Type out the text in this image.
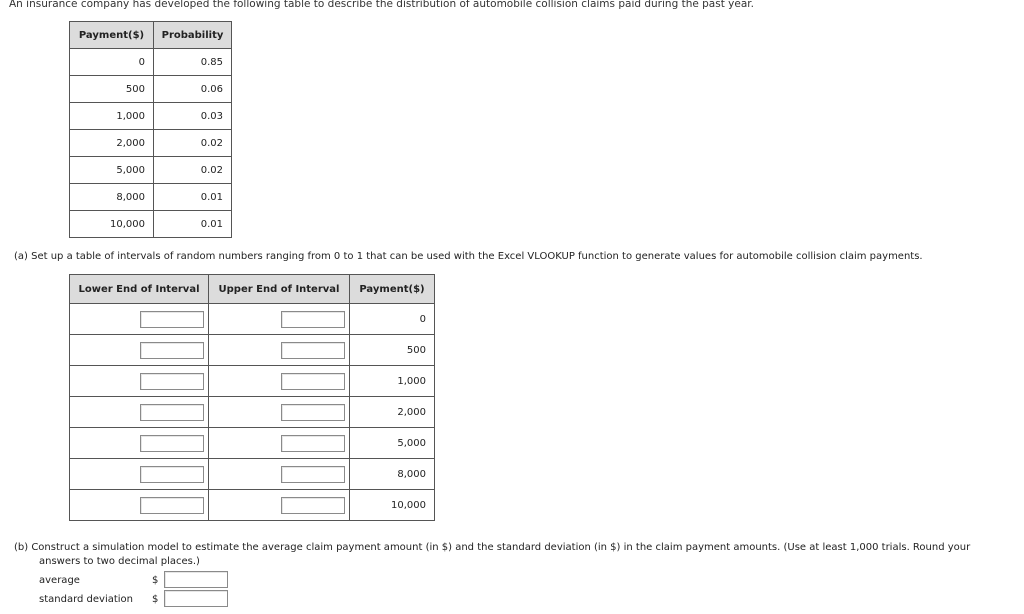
An insurance company has developed the following table to describe the distribution of automobile collision claims paid during the past year.
Payment($)	Probability
0	0.85
500	0.06
1,000	0.03
2,000	0.02
5,000	0.02
8,000	0.01
10,000	0.01
(a) Set up a table of intervals of random numbers ranging from 0 to 1 that can be used with the Excel VLOOKUP function to generate values for automobile collision claim payments.
Lower End of Interval	Upper End of Interval	Payment($)
		0
		500
		1,000
		2,000
		5,000
		8,000
		10,000
(b) Construct a simulation model to estimate the average claim payment amount (in $) and the standard deviation (in $) in the claim payment amounts. (Use at least 1,000 trials. Round your
answers to two decimal places.)
average	$
standard deviation $
